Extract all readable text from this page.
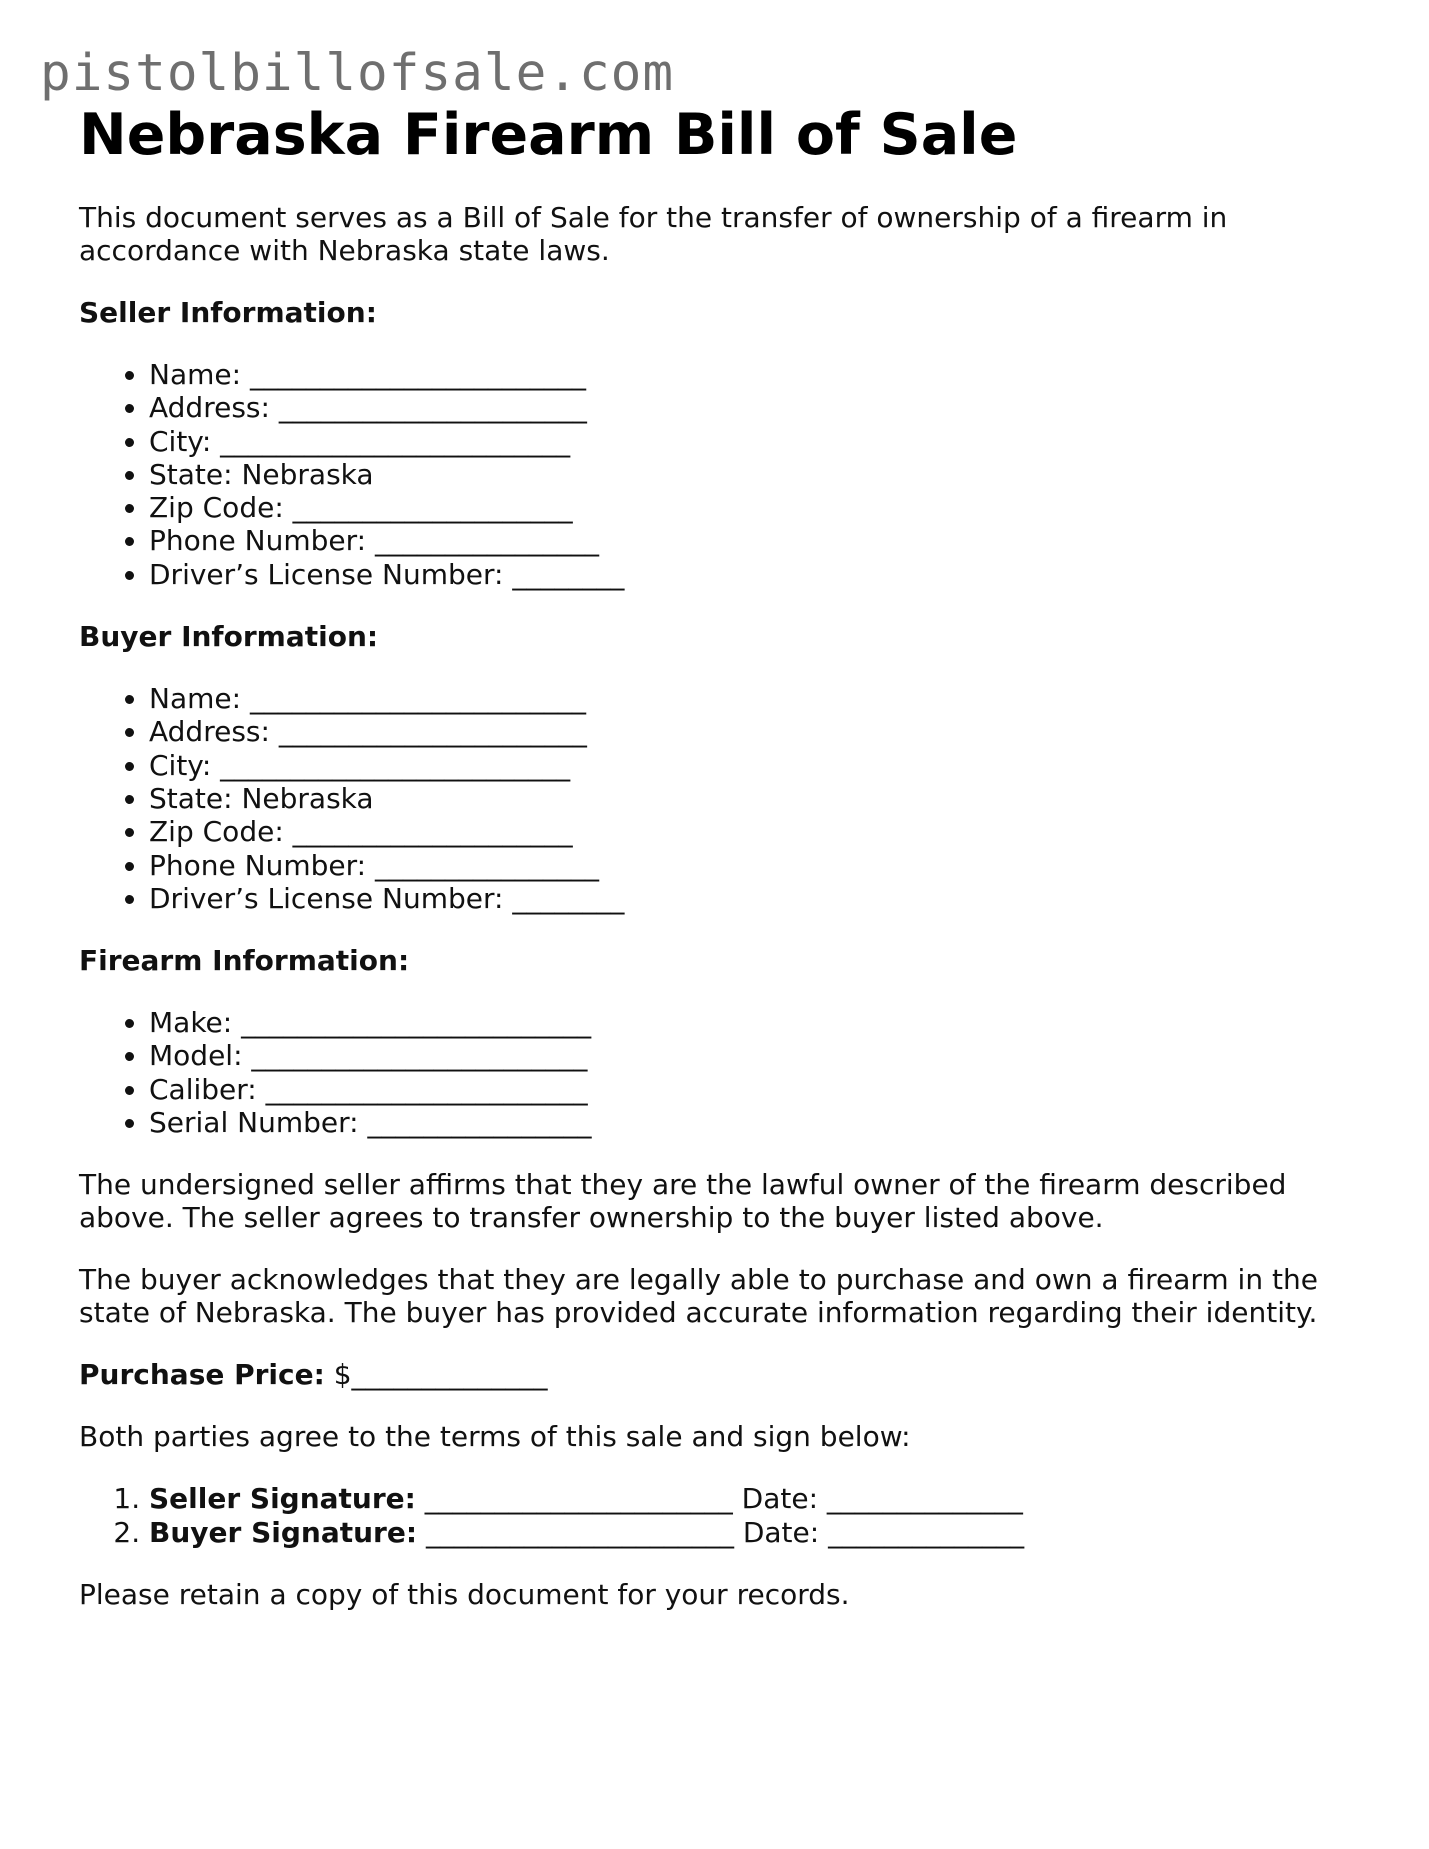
pistolbillofsale.com
Nebraska Firearm Bill of Sale

This document serves as a Bill of Sale for the transfer of ownership of a firearm in accordance with Nebraska state laws.

Seller Information:
• Name: ________________________
• Address: ______________________
• City: _________________________
• State: Nebraska
• Zip Code: ____________________
• Phone Number: ________________
• Driver’s License Number: ________
Buyer Information:
• Name: ________________________
• Address: ______________________
• City: _________________________
• State: Nebraska
• Zip Code: ____________________
• Phone Number: ________________
• Driver’s License Number: ________
Firearm Information:
• Make: _________________________
• Model: ________________________
• Caliber: _______________________
• Serial Number: ________________

The undersigned seller affirms that they are the lawful owner of the firearm described above. The seller agrees to transfer ownership to the buyer listed above.

The buyer acknowledges that they are legally able to purchase and own a firearm in the state of Nebraska. The buyer has provided accurate information regarding their identity.

Purchase Price: $______________

Both parties agree to the terms of this sale and sign below:

1. Seller Signature: ______________________ Date: ______________
2. Buyer Signature: ______________________ Date: ______________

Please retain a copy of this document for your records.
